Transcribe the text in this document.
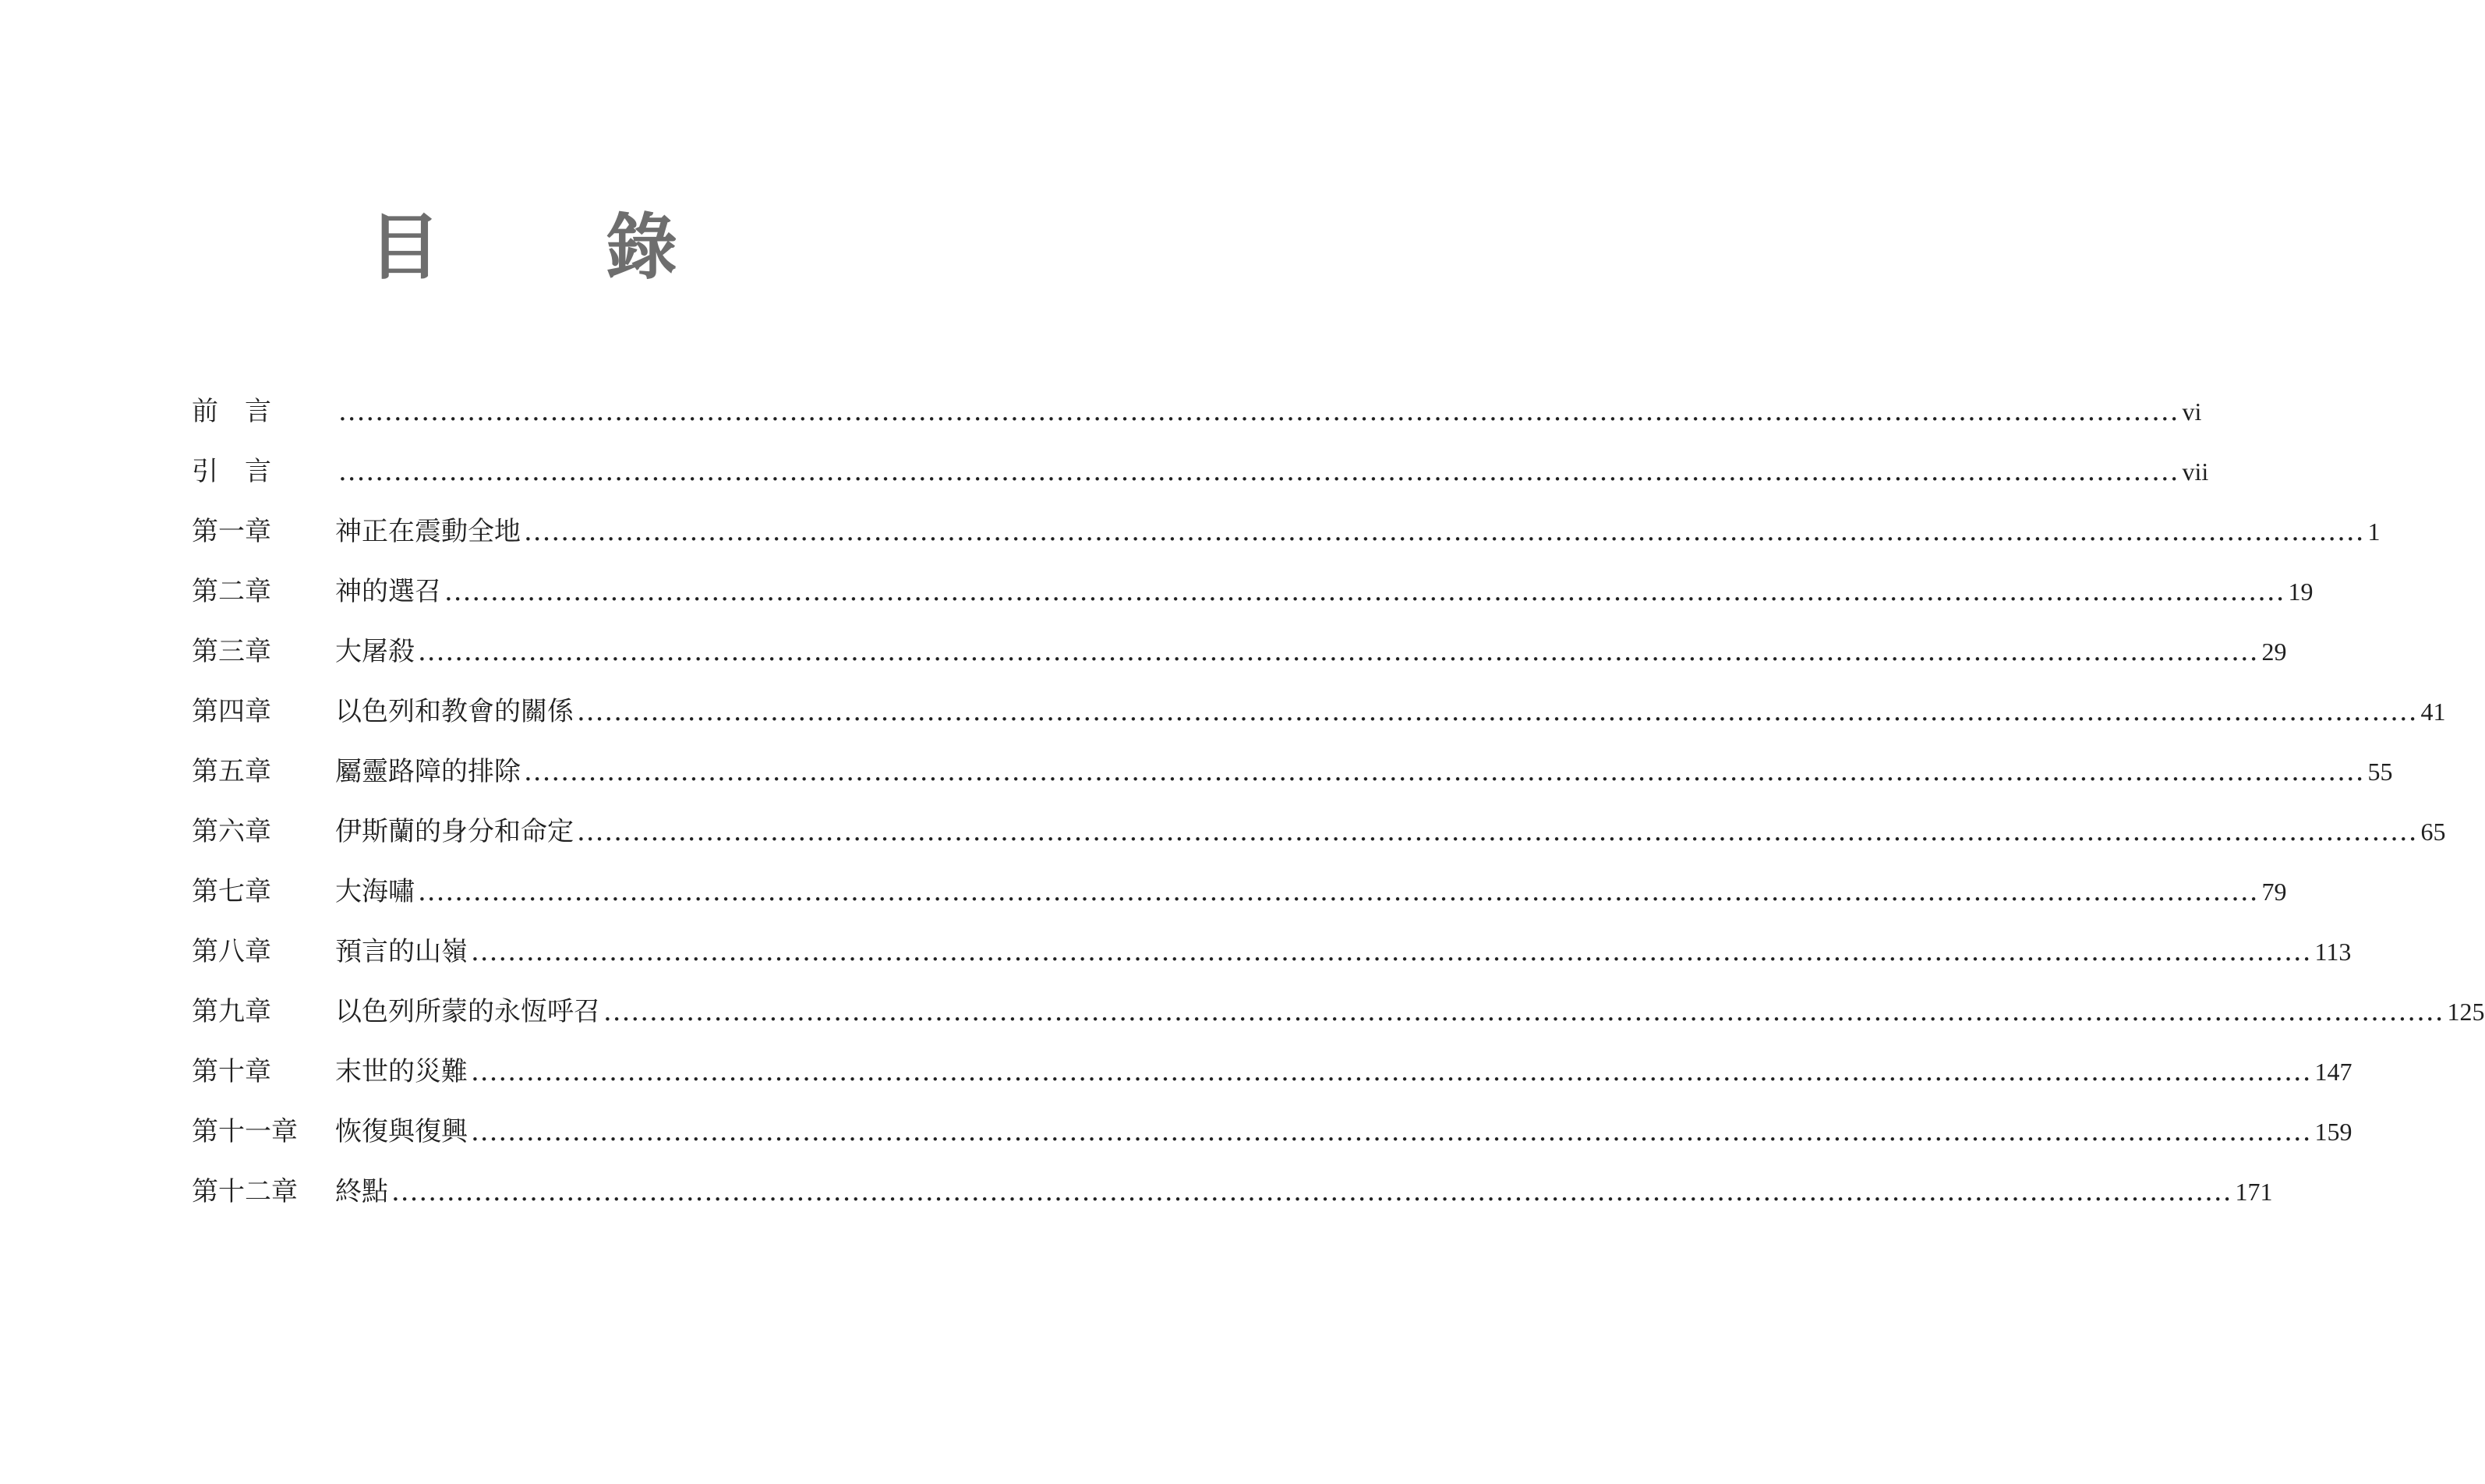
目　錄
前　言	........................................................................................................................................................................................................ vi
引　言	........................................................................................................................................................................................................ vii
第一章	神正在震動全地 ........................................................................................................................................................................................................ 1
第二章	神的選召 ........................................................................................................................................................................................................ 19
第三章	大屠殺 ........................................................................................................................................................................................................ 29
第四章	以色列和教會的關係 ........................................................................................................................................................................................................ 41
第五章	屬靈路障的排除 ........................................................................................................................................................................................................ 55
第六章	伊斯蘭的身分和命定 ........................................................................................................................................................................................................ 65
第七章	大海嘯 ........................................................................................................................................................................................................ 79
第八章	預言的山嶺 ........................................................................................................................................................................................................ 113
第九章	以色列所蒙的永恆呼召 ........................................................................................................................................................................................................ 125
第十章	末世的災難 ........................................................................................................................................................................................................ 147
第十一章	恢復與復興 ........................................................................................................................................................................................................ 159
第十二章	終點 ........................................................................................................................................................................................................ 171
